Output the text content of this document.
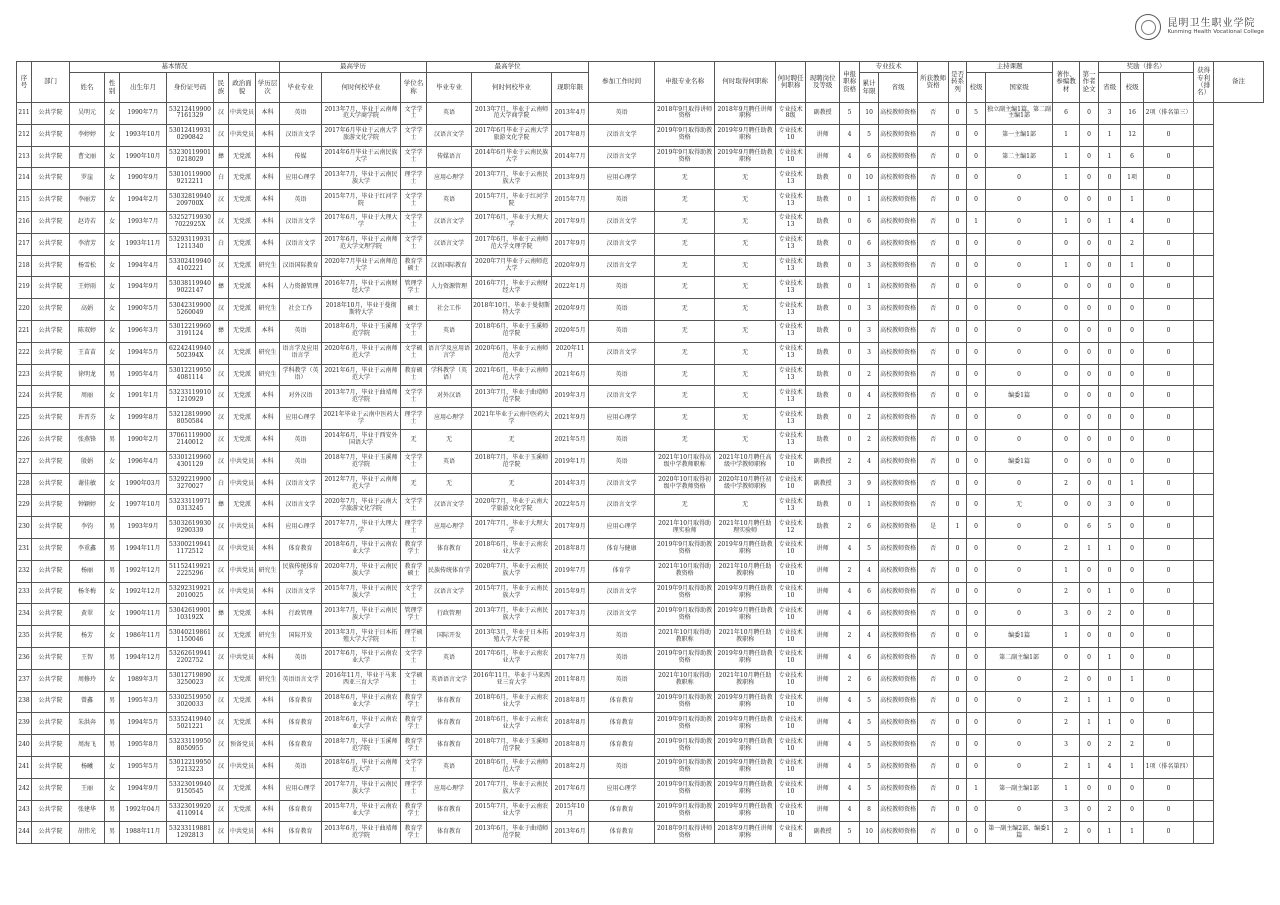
昆明卫生职业学院
Kunming Health Vocational College
序号	部门	基本情况							最高学历			最高学位			参加工作时间	申报专业名称	何时取得何职称	何时聘任何职称	现聘岗位及等级	申报职称资格	专业技术		所获教师资格	是否转系列	主持课题		著作、参编教材	第一作者论文	奖励（排名）			获得专利（排名）	备注
		姓名	性别	出生年月	身份证号码	民族	政治面貌	学历层次	毕业专业	何时何校毕业	学位名称	毕业专业	何时何校毕业	现职年限							累计年限	省级			校级	国家级			省级	校级			
211	公共学院	吴明元	女	1990年7月	532124199007161329	汉	中共党员	本科	英语	2013年7月，毕业于云南师范大学商学院	文学学士	英语	2013年7月，毕业于云南师范大学商学院	2013年4月	英语	2018年9月取得讲师资格	2018年9月聘任讲师职称	专业技术8级	副教授	5	10	高校教师资格	否	0	5	独立副主编1篇，第二副主编1部	6	0	3	16	2项（排名第三）		
212	公共学院	李婷婷	女	1993年10月	530124199310290842	汉	中共党员	本科	汉语言文学	2017年6月毕业于云南大学旅游文化学院	文学学士	汉语言文学	2017年6月毕业于云南大学旅游文化学院	2017年8月	汉语言文学	2019年9月取得助教资格	2019年9月聘任助教职称	专业技术10	讲师	4	5	高校教师资格	否	0	0	第一主编1部	1	0	1	12	0		
213	公共学院	曹文丽	女	1990年10月	532301199010218029	彝	无党派	本科	传媒	2014年6月毕业于云南民族大学	文学学士	传媒语言	2014年6月毕业于云南民族大学	2014年7月	汉语言文学	2019年9月取得助教资格	2019年9月聘任助教职称	专业技术10	讲师	4	6	高校教师资格	否	0	0	第二主编1部	1	0	1	6	0		
214	公共学院	罗崖	女	1990年9月	530101199009212211	白	无党派	本科	应用心理学	2013年7月，毕业于云南民族大学	理学学士	应用心理学	2013年7月，毕业于云南民族大学	2013年9月	应用心理学	无	无	专业技术13	助教	0	10	高校教师资格	否	0	0	0	1	0	0	1项	0		
215	公共学院	李丽芳	女	1994年2月	53032819940209700X	汉	无党派	本科	英语	2015年7月，毕业于红河学院	文学学士	英语	2015年7月，毕业于红河学院	2015年7月	英语	无	无	专业技术13	助教	0	1	高校教师资格	否	0	0	0	0	0	0	1	0		
216	公共学院	赵诗若	女	1993年7月	532527199307022925X	汉	无党派	本科	汉语言文学	2017年6月，毕业于大理大学	文学学士	汉语言文学	2017年6月，毕业于大理大学	2017年9月	汉语言文学	无	无	专业技术13	助教	0	6	高校教师资格	否	0	1	0	1	0	1	4	0		
217	公共学院	李清芳	女	1993年11月	532931199311211340	白	无党派	本科	汉语言文学	2017年6月，毕业于云南师范大学文理学院	文学学士	汉语言文学	2017年6月，毕业于云南师范大学文理学院	2017年9月	汉语言文学	无	无	专业技术13	助教	0	6	高校教师资格	否	0	0	0	0	0	0	2	0		
218	公共学院	杨雪松	女	1994年4月	533024199404102221	汉	无党派	研究生	汉语国际教育	2020年7月毕业于云南师范大学	教育学硕士	汉语国际教育	2020年7月毕业于云南师范大学	2020年9月	汉语言文学	无	无	专业技术13	助教	0	3	高校教师资格	否	0	0	0	1	0	0	1	0		
219	公共学院	王婷雨	女	1994年9月	530381199409022147	彝	无党派	本科	人力资源管理	2016年7月，毕业于云南财经大学	管理学学士	人力资源管理	2016年7月，毕业于云南财经大学	2022年1月	英语	无	无	专业技术13	助教	0	1	高校教师资格	否	0	0	0	0	0	0	0	0		
220	公共学院	高娟	女	1990年5月	530423199005260049	汉	无党派	研究生	社会工作	2018年10月，毕业于曼彻斯特大学	硕士	社会工作	2018年10月，毕业于曼彻斯特大学	2020年9月	英语	无	无	专业技术13	助教	0	3	高校教师资格	否	0	0	0	0	0	0	0	0		
221	公共学院	陈双婷	女	1996年3月	530122199603191124	彝	无党派	本科	英语	2018年6月，毕业于玉溪师范学院	文学学士	英语	2018年6月，毕业于玉溪师范学院	2020年5月	英语	无	无	专业技术13	助教	0	3	高校教师资格	否	0	0	0	0	0	0	0	0		
222	公共学院	王苗苗	女	1994年5月	62242419940502394X	汉	无党派	研究生	语言学及应用语言学	2020年6月，毕业于云南师范大学	文学硕士	语言学及应用语言学	2020年6月，毕业于云南师范大学	2020年11月	汉语言文学	无	无	专业技术13	助教	0	3	高校教师资格	否	0	0	0	0	0	0	0	0		
223	公共学院	徐明龙	男	1995年4月	530122199504081114	汉	无党派	研究生	学科教学（英语）	2021年6月，毕业于云南师范大学	教育硕士	学科教学（英语）	2021年6月，毕业于云南师范大学	2021年6月	英语	无	无	专业技术13	助教	0	2	高校教师资格	否	0	0	0	0	0	0	0	0		
224	公共学院	周丽	女	1991年1月	532331199101210929	汉	无党派	本科	对外汉语	2013年7月，毕业于曲靖师范学院	文学学士	对外汉语	2013年7月，毕业于曲靖师范学院	2019年3月	汉语言文学	无	无	专业技术13	助教	0	4	高校教师资格	否	0	0	编委1篇	0	0	0	0	0		
225	公共学院	许晋芬	女	1999年8月	532128199908050584	汉	无党派	本科	应用心理学	2021年毕业于云南中医药大学	理学学士	应用心理学	2021年毕业于云南中医药大学	2021年9月	应用心理学	无	无	专业技术13	助教	0	2	高校教师资格	否	0	0	0	0	0	0	0	0		
226	公共学院	张燕锋	男	1990年2月	370611199002140012	汉	无党派	本科	英语	2014年6月，毕业于西安外国语大学	无	无	无	2021年5月	英语	无	无	专业技术13	助教	0	2	高校教师资格	否	0	0	0	0	0	0	0	0		
227	公共学院	殷娟	女	1996年4月	533012199604301129	汉	中共党员	本科	英语	2018年7月，毕业于玉溪师范学院	文学学士	英语	2018年7月，毕业于玉溪师范学院	2019年1月	英语	2021年10月取得高级中学教师职称	2021年10月聘任高级中学教师职称	专业技术10	副教授	2	4	高校教师资格	否	0	0	编委1篇	0	0	0	0	0		
228	公共学院	谢佳敏	女	1990年03月	532922199003270027	白	中共党员	本科	汉语言文学	2012年7月，毕业于云南师范大学	无	无	无	2014年3月	汉语言文学	2020年10月取得初级中学教师资格	2020年10月聘任初级中学教师职称	专业技术10	副教授	3	9	高校教师资格	否	0	0	0	2	0	0	1	0		
229	公共学院	钟颖婷	女	1997年10月	532331199710313245	彝	无党派	本科	汉语言文学	2020年7月，毕业于云南大学旅游文化学院	文学学士	汉语言文学	2020年7月，毕业于云南大学旅游文化学院	2022年5月	汉语言文学	无	无	专业技术13	助教	0	1	高校教师资格	否	0	0	无	0	0	3	0	0		
230	公共学院	李钧	男	1993年9月	530326199309290339	汉	中共党员	本科	应用心理学	2017年7月，毕业于大理大学	理学学士	应用心理学	2017年7月，毕业于大理大学	2017年9月	应用心理学	2021年10月取得助理实验师	2021年10月聘任助理实验师	专业技术12	助教	2	6	高校教师资格	是	1	0	0	0	6	5	0	0		
231	公共学院	李重鑫	男	1994年11月	533002199411172512	汉	中共党员	本科	体育教育	2018年6月，毕业于云南农业大学	教育学学士	体育教育	2018年6月，毕业于云南农业大学	2018年8月	体育与健康	2019年9月取得助教资格	2019年9月聘任助教职称	专业技术10	讲师	4	5	高校教师资格	否	0	0	0	2	1	1	0	0		
232	公共学院	杨丽	男	1992年12月	511524199212225296	汉	中共党员	研究生	民族传统体育学	2020年7月，毕业于云南民族大学	教育学硕士	民族传统体育学	2020年7月，毕业于云南民族大学	2019年7月	体育学	2021年10月取得助教资格	2021年10月聘任助教职称	专业技术10	讲师	2	4	高校教师资格	否	0	0	0	1	0	0	0	0		
233	公共学院	杨冬梅	女	1992年12月	532923199212010025	汉	中共党员	本科	汉语言文学	2015年7月，毕业于云南民族大学	文学学士	汉语言文学	2015年7月，毕业于云南民族大学	2015年9月	汉语言文学	2019年9月取得助教资格	2019年9月聘任助教职称	专业技术10	讲师	4	6	高校教师资格	否	0	0	0	2	0	1	0	0		
234	公共学院	黄翠	女	1990年11月	53042619901103192X	彝	无党派	本科	行政管理	2013年7月，毕业于云南民族大学	管理学学士	行政管理	2013年7月，毕业于云南民族大学	2017年3月	汉语言文学	2019年9月取得助教资格	2019年9月聘任助教职称	专业技术10	讲师	4	6	高校教师资格	否	0	0	0	3	0	2	0	0		
235	公共学院	杨芳	女	1986年11月	530402198611150046	汉	无党派	研究生	国际开发	2013年3月，毕业于日本拓殖大学大学院	理学硕士	国际开发	2013年3月，毕业于日本拓殖大学大学院	2019年3月	英语	2021年10月取得助教职称	2021年10月聘任助教职称	专业技术10	讲师	2	4	高校教师资格	否	0	0	编委1篇	1	0	0	0	0		
236	公共学院	王智	男	1994年12月	532626199412202752	汉	中共党员	本科	英语	2017年6月，毕业于云南农业大学	文学学士	英语	2017年6月，毕业于云南农业大学	2017年7月	英语	2019年9月取得助教资格	2019年9月聘任助教职称	专业技术10	讲师	4	6	高校教师资格	否	0	0	第二副主编1部	0	0	1	0	0		
237	公共学院	周修玲	女	1989年3月	530127198903250023	汉	无党派	研究生	英语语言文学	2016年11月，毕业于马来西亚三育大学	文学硕士	英语语言文学	2016年11月，毕业于马来西亚三育大学	2011年8月	英语	2021年10月取得助教职称	2021年10月聘任助教职称	专业技术10	讲师	2	6	高校教师资格	否	0	0	0	2	0	0	1	0		
238	公共学院	曾鑫	男	1995年3月	533025199503020033	汉	无党派	本科	体育教育	2018年6月，毕业于云南农业大学	教育学学士	体育教育	2018年6月，毕业于云南农业大学	2018年8月	体育教育	2019年9月取得助教资格	2019年9月聘任助教职称	专业技术10	讲师	4	5	高校教师资格	否	0	0	0	2	1	1	0	0		
239	公共学院	朱洪奔	男	1994年5月	533524199405021221	汉	无党派	本科	体育教育	2018年6月，毕业于云南农业大学	教育学学士	体育教育	2018年6月，毕业于云南农业大学	2018年8月	体育教育	2019年9月取得助教资格	2019年9月聘任助教职称	专业技术10	讲师	4	5	高校教师资格	否	0	0	0	2	1	1	0	0		
240	公共学院	周海飞	男	1995年8月	532331199508050955	汉	预备党员	本科	体育教育	2018年7月，毕业于玉溪师范学院	教育学学士	体育教育	2018年7月，毕业于玉溪师范学院	2018年8月	体育教育	2019年9月取得助教资格	2019年9月聘任助教职称	专业技术10	讲师	4	5	高校教师资格	否	0	0	0	3	0	2	2	0		
241	公共学院	杨曦	女	1995年5月	530122199505213223	汉	中共党员	本科	英语	2018年6月，毕业于云南师范大学	文学学士	英语	2018年6月，毕业于云南师范大学	2018年2月	英语	2019年9月取得助教资格	2019年9月聘任助教职称	专业技术10	讲师	4	5	高校教师资格	否	0	0	0	2	1	4	1	1项（排名第四）		
242	公共学院	王丽	女	1994年9月	533230199409150545	汉	无党派	本科	应用心理学	2017年7月，毕业于云南民族大学	理学学士	应用心理学	2017年7月，毕业于云南民族大学	2017年6月	应用心理学	2019年9月取得助教资格	2019年9月聘任助教职称	专业技术10	讲师	4	5	高校教师资格	否	0	1	第一副主编1部	1	0	0	0	0		
243	公共学院	张建华	男	1992年04月	533230199204110914	汉	无党派	本科	体育教育	2015年7月，毕业于云南农业大学	教育学学士	体育教育	2015年7月，毕业于云南农业大学	2015年10月	体育教育	2019年9月取得助教资格	2019年9月聘任助教职称	专业技术10	讲师	4	8	高校教师资格	否	0	0	0	3	0	2	0	0		
244	公共学院	胡伟光	男	1988年11月	532331198811292813	汉	中共党员	本科	体育教育	2013年6月，毕业于曲靖师范学院	教育学学士	体育教育	2013年6月，毕业于曲靖师范学院	2013年6月	体育教育	2018年9月取得讲师资格	2018年9月聘任讲师职称	专业技术8	副教授	5	10	高校教师资格	否	0	0	第一副主编2部，编委1篇	2	0	1	1	0		
